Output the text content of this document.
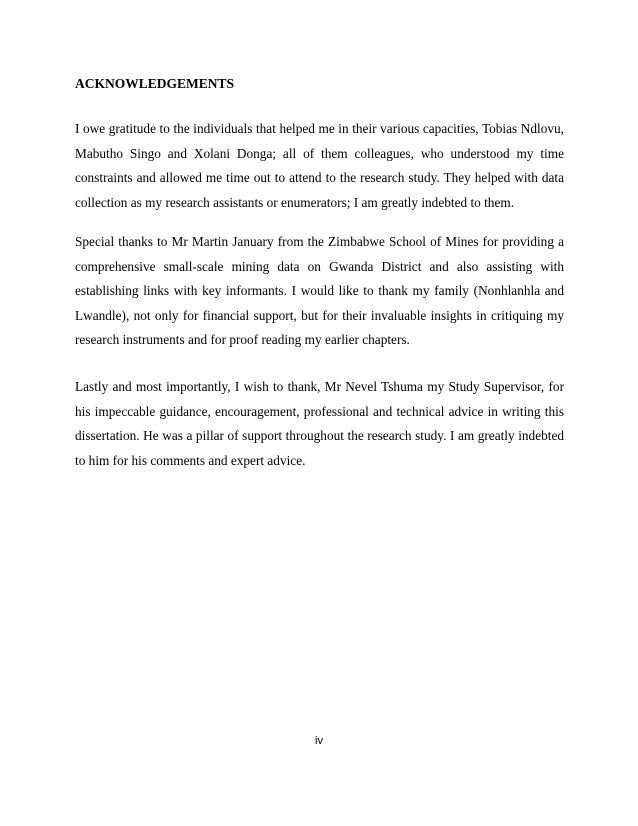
ACKNOWLEDGEMENTS

I owe gratitude to the individuals that helped me in their various capacities, Tobias Ndlovu, Mabutho Singo and Xolani Donga; all of them colleagues, who understood my time constraints and allowed me time out to attend to the research study. They helped with data collection as my research assistants or enumerators; I am greatly indebted to them.

Special thanks to Mr Martin January from the Zimbabwe School of Mines for providing a comprehensive small-scale mining data on Gwanda District and also assisting with establishing links with key informants. I would like to thank my family (Nonhlanhla and Lwandle), not only for financial support, but for their invaluable insights in critiquing my research instruments and for proof reading my earlier chapters.

Lastly and most importantly, I wish to thank, Mr Nevel Tshuma my Study Supervisor, for his impeccable guidance, encouragement, professional and technical advice in writing this dissertation. He was a pillar of support throughout the research study. I am greatly indebted to him for his comments and expert advice.

iv
